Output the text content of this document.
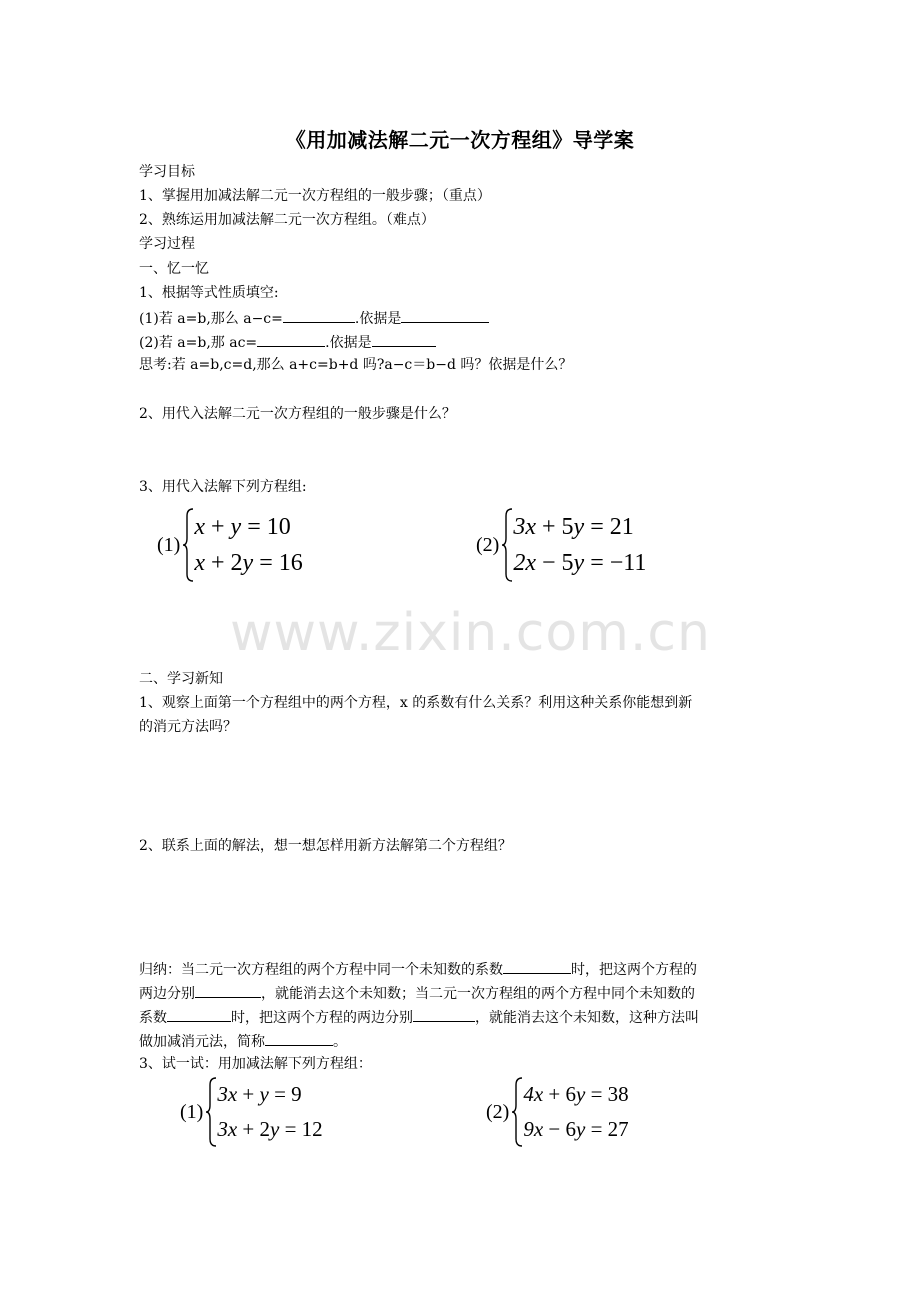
《用加减法解二元一次方程组》导学案
学习目标
1、掌握用加减法解二元一次方程组的一般步骤；（重点）
2、熟练运用加减法解二元一次方程组。（难点）
学习过程
一、忆一忆
1、根据等式性质填空:
(1)若 a=b,那么 a−c=	.依据是
(2)若 a=b,那 ac=	.依据是
思考:若 a=b,c=d,那么 a+c=b+d 吗?a−c＝b−d 吗？依据是什么？
2、用代入法解二元一次方程组的一般步骤是什么？
3、用代入法解下列方程组:
(1)
x + y = 10
x + 2y = 16
(2)
3x + 5y = 21
2x − 5y = −11
www.zixin.com.cn
二、学习新知
1、观察上面第一个方程组中的两个方程，x 的系数有什么关系？利用这种关系你能想到新
的消元方法吗？
2、联系上面的解法，想一想怎样用新方法解第二个方程组？
归纳：当二元一次方程组的两个方程中同一个未知数的系数	时，把这两个方程的
两边分别	，就能消去这个未知数；当二元一次方程组的两个方程中同个未知数的
系数	时，把这两个方程的两边分别	，就能消去这个未知数，这种方法叫
做加减消元法，简称	。
3、试一试：用加减法解下列方程组：
(1)
3x + y = 9
3x + 2y = 12
(2)
4x + 6y = 38
9x − 6y = 27
